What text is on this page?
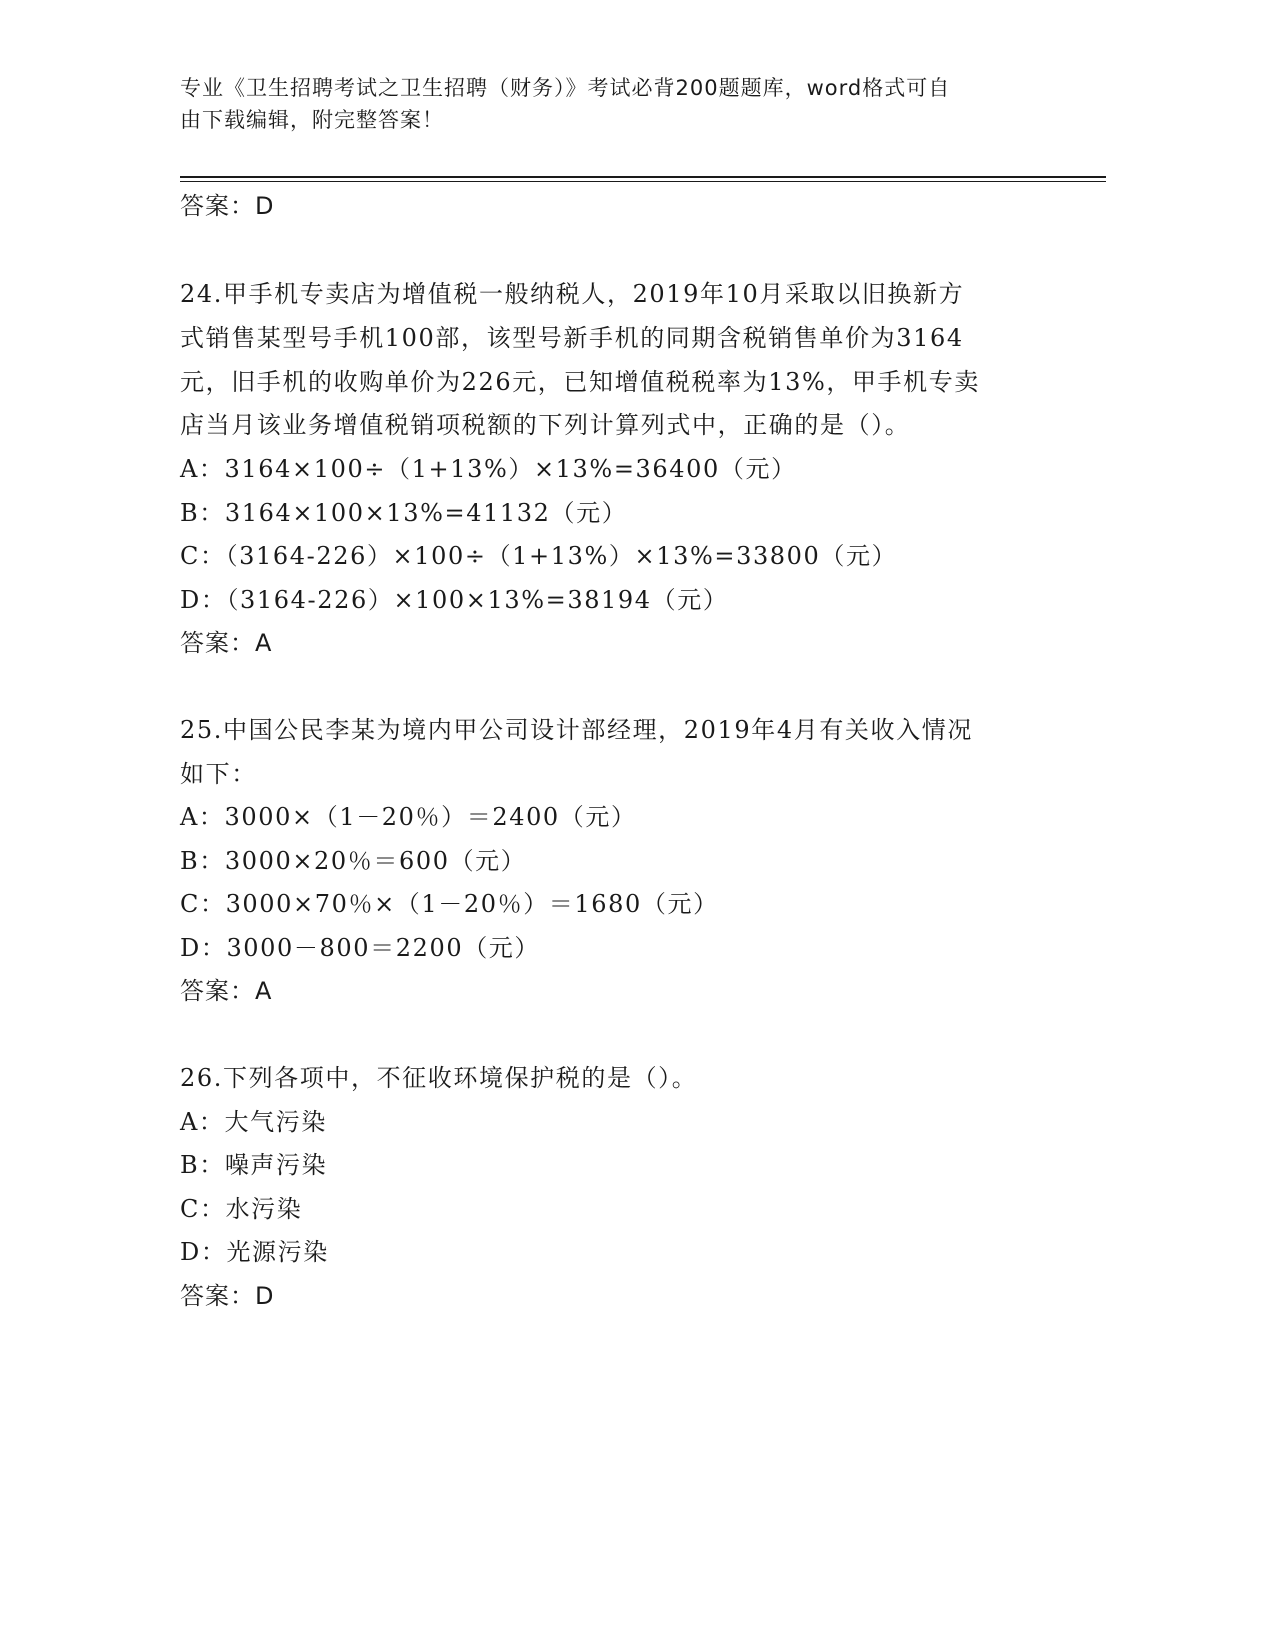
专业《卫生招聘考试之卫生招聘（财务）》考试必背200题题库，word格式可自
由下载编辑，附完整答案！
答案：D
24.甲手机专卖店为增值税一般纳税人，2019年10月采取以旧换新方
式销售某型号手机100部，该型号新手机的同期含税销售单价为3164
元，旧手机的收购单价为226元，已知增值税税率为13%，甲手机专卖
店当月该业务增值税销项税额的下列计算列式中，正确的是（）。
A：3164×100÷（1+13%）×13%=36400（元）
B：3164×100×13%=41132（元）
C：（3164-226）×100÷（1+13%）×13%=33800（元）
D：（3164-226）×100×13%=38194（元）
答案：A
25.中国公民李某为境内甲公司设计部经理，2019年4月有关收入情况
如下：
A：3000×（1－20％）＝2400（元）
B：3000×20％＝600（元）
C：3000×70％×（1－20％）＝1680（元）
D：3000－800＝2200（元）
答案：A
26.下列各项中，不征收环境保护税的是（）。
A：大气污染
B：噪声污染
C：水污染
D：光源污染
答案：D
